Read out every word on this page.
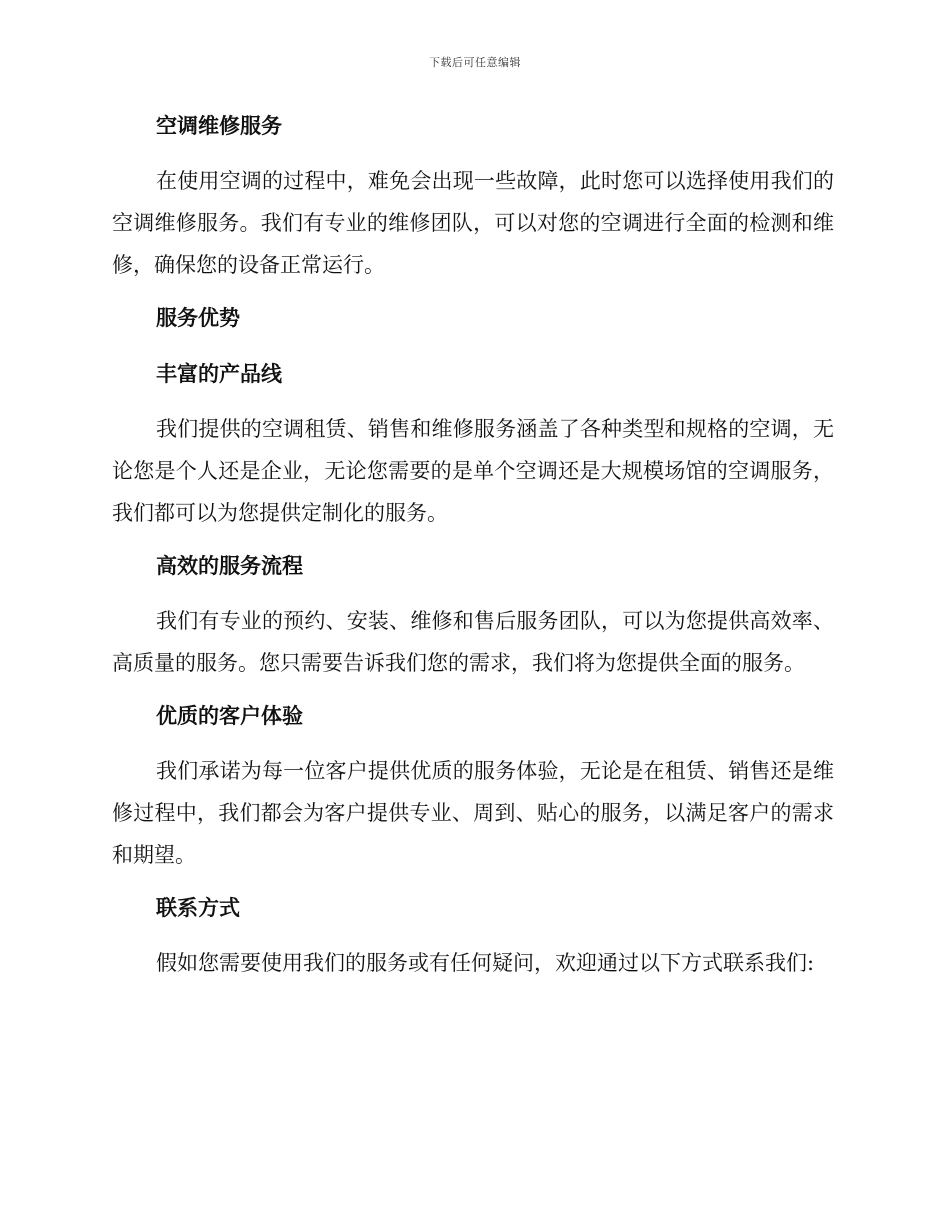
下载后可任意编辑
空调维修服务

在使用空调的过程中，难免会出现一些故障，此时您可以选择使用我们的空调维修服务。我们有专业的维修团队，可以对您的空调进行全面的检测和维修，确保您的设备正常运行。

服务优势
丰富的产品线

我们提供的空调租赁、销售和维修服务涵盖了各种类型和规格的空调，无论您是个人还是企业，无论您需要的是单个空调还是大规模场馆的空调服务，我们都可以为您提供定制化的服务。

高效的服务流程

我们有专业的预约、安装、维修和售后服务团队，可以为您提供高效率、高质量的服务。您只需要告诉我们您的需求，我们将为您提供全面的服务。

优质的客户体验

我们承诺为每一位客户提供优质的服务体验，无论是在租赁、销售还是维修过程中，我们都会为客户提供专业、周到、贴心的服务，以满足客户的需求和期望。

联系方式

假如您需要使用我们的服务或有任何疑问，欢迎通过以下方式联系我们:
